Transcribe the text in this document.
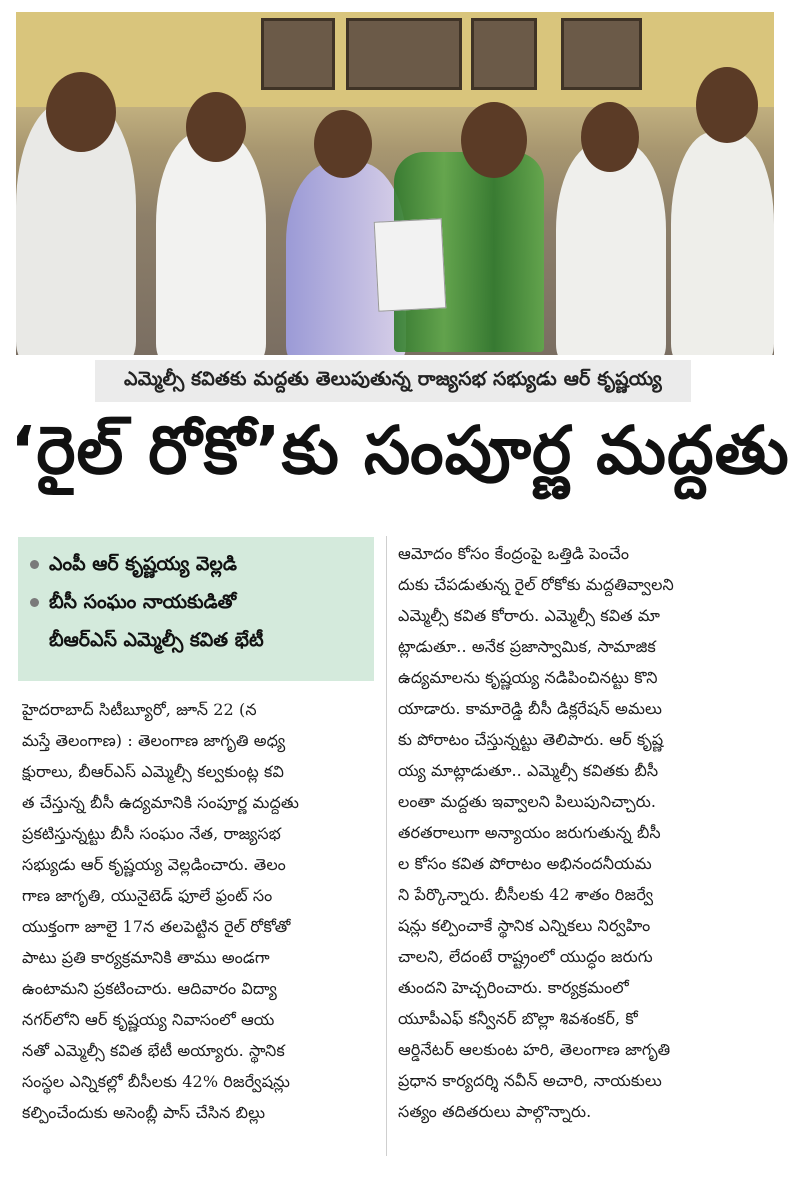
ఎమ్మెల్సీ కవితకు మద్దతు తెలుపుతున్న రాజ్యసభ సభ్యుడు ఆర్ కృష్ణయ్య
‘రైల్ రోకో’కు సంపూర్ణ మద్దతు
ఎంపీ ఆర్ కృష్ణయ్య వెల్లడి
బీసీ సంఘం నాయకుడితో
బీఆర్ఎస్ ఎమ్మెల్సీ కవిత భేటీ

హైదరాబాద్ సిటీబ్యూరో, జూన్ 22 (న

మస్తే తెలంగాణ) : తెలంగాణ జాగృతి అధ్య

క్షురాలు, బీఆర్ఎస్ ఎమ్మెల్సీ కల్వకుంట్ల కవి

త చేస్తున్న బీసీ ఉద్యమానికి సంపూర్ణ మద్దతు

ప్రకటిస్తున్నట్టు బీసీ సంఘం నేత, రాజ్యసభ

సభ్యుడు ఆర్ కృష్ణయ్య వెల్లడించారు. తెలం

గాణ జాగృతి, యునైటెడ్ ఫూలే ఫ్రంట్ సం

యుక్తంగా జూలై 17న తలపెట్టిన రైల్ రోకోతో

పాటు ప్రతి కార్యక్రమానికి తాము అండగా

ఉంటామని ప్రకటించారు. ఆదివారం విద్యా

నగర్‌లోని ఆర్ కృష్ణయ్య నివాసంలో ఆయ

నతో ఎమ్మెల్సీ కవిత భేటీ అయ్యారు. స్థానిక

సంస్థల ఎన్నికల్లో బీసీలకు 42% రిజర్వేషన్లు

కల్పించేందుకు అసెంబ్లీ పాస్ చేసిన బిల్లు

ఆమోదం కోసం కేంద్రంపై ఒత్తిడి పెంచేం

దుకు చేపడుతున్న రైల్ రోకోకు మద్దతివ్వాలని

ఎమ్మెల్సీ కవిత కోరారు. ఎమ్మెల్సీ కవిత మా

ట్లాడుతూ.. అనేక ప్రజాస్వామిక, సామాజిక

ఉద్యమాలను కృష్ణయ్య నడిపించినట్టు కొని

యాడారు. కామారెడ్డి బీసీ డిక్లరేషన్ అమలు

కు పోరాటం చేస్తున్నట్టు తెలిపారు. ఆర్ కృష్ణ

య్య మాట్లాడుతూ.. ఎమ్మెల్సీ కవితకు బీసీ

లంతా మద్దతు ఇవ్వాలని పిలుపునిచ్చారు.

తరతరాలుగా అన్యాయం జరుగుతున్న బీసీ

ల కోసం కవిత పోరాటం అభినందనీయమ

ని పేర్కొన్నారు. బీసీలకు 42 శాతం రిజర్వే

షన్లు కల్పించాకే స్థానిక ఎన్నికలు నిర్వహిం

చాలని, లేదంటే రాష్ట్రంలో యుద్ధం జరుగు

తుందని హెచ్చరించారు. కార్యక్రమంలో

యూపీఎఫ్ కన్వీనర్ బొల్లా శివశంకర్, కో

ఆర్డినేటర్ ఆలకుంట హరి, తెలంగాణ జాగృతి

ప్రధాన కార్యదర్శి నవీన్ అచారి, నాయకులు

సత్యం తదితరులు పాల్గొన్నారు.
